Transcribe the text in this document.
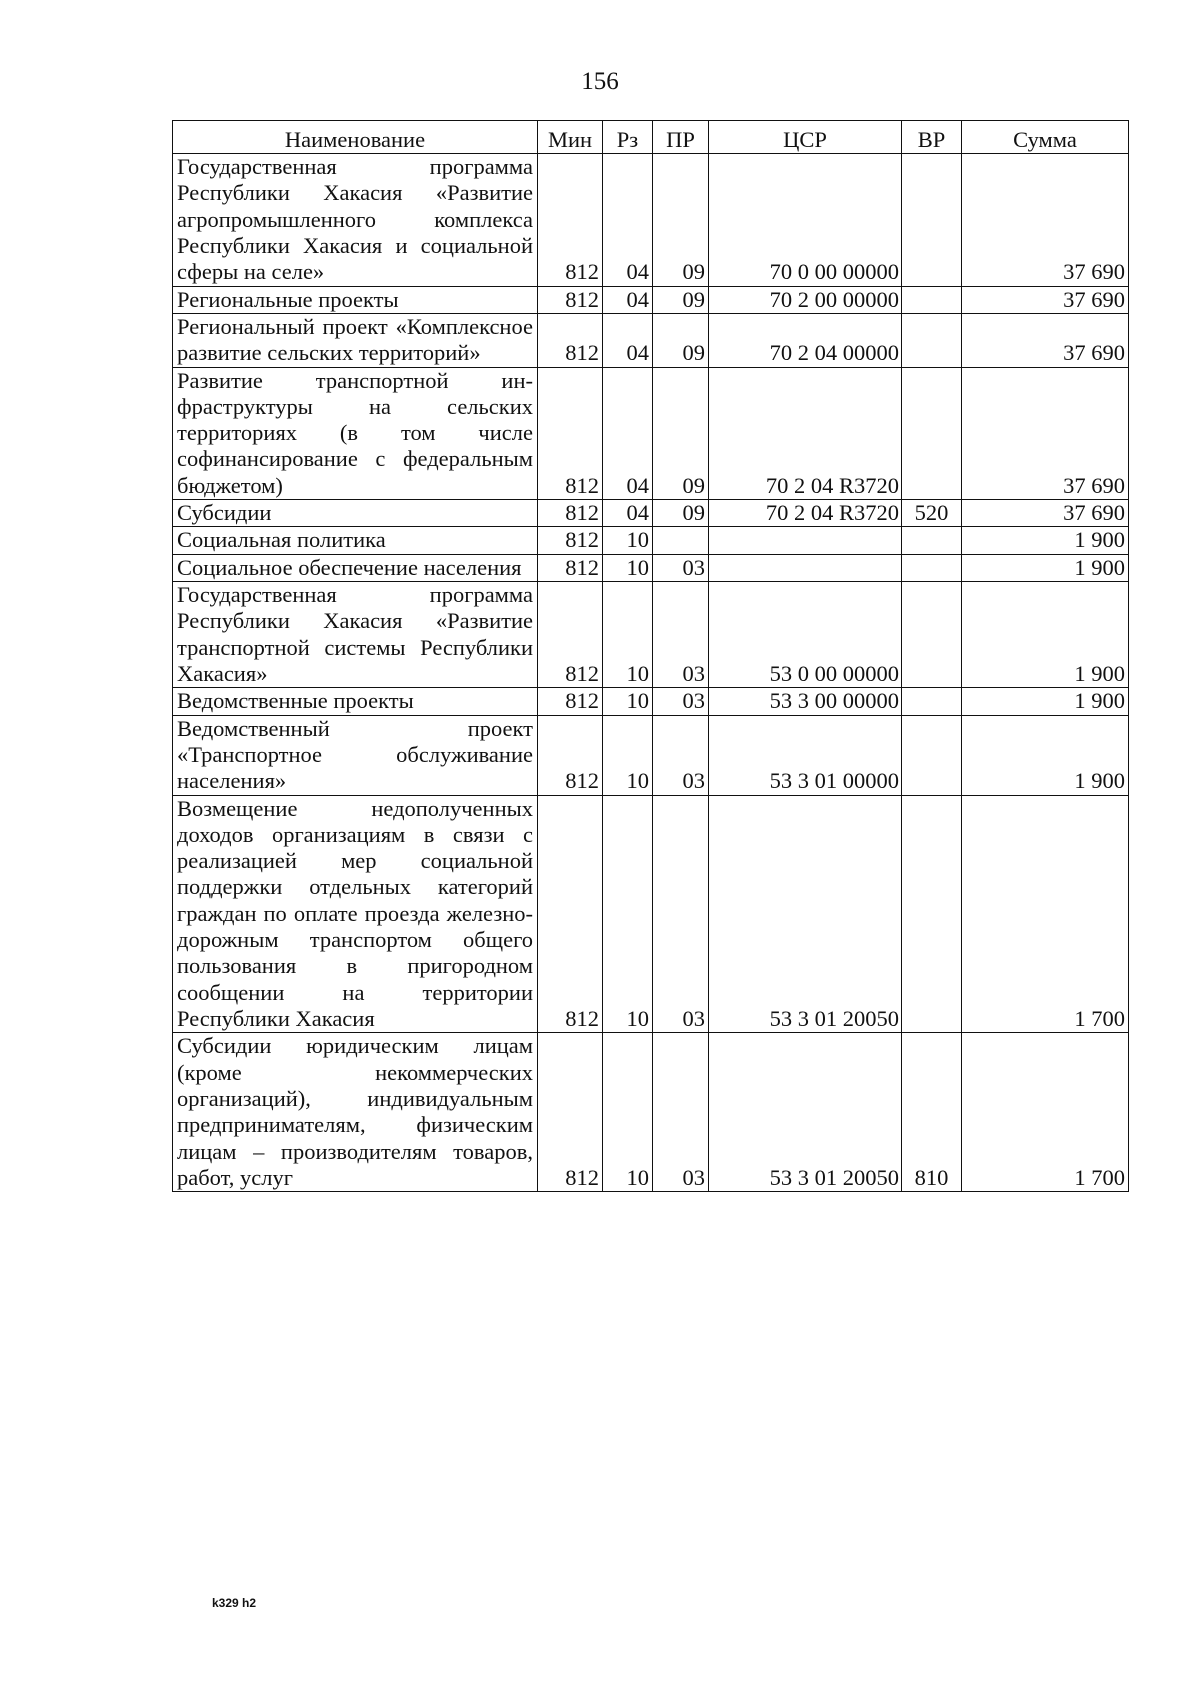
156
Наименование	Мин	Рз	ПР	ЦСР	ВР	Сумма
Государственная программа Республики Хакасия «Развитие агропромышленного комплекса Республики Хакасия и социальной сферы на селе»	812	04	09	70 0 00 00000		37 690
Региональные проекты	812	04	09	70 2 00 00000		37 690
Региональный проект «Комплексное развитие сельских территорий»	812	04	09	70 2 04 00000		37 690
Развитие транспортной инфраструктуры на сельских территориях (в том числе софинансирование с федеральным бюджетом)	812	04	09	70 2 04 R3720		37 690
Субсидии	812	04	09	70 2 04 R3720	520	37 690
Социальная политика	812	10				1 900
Социальное обеспечение населения	812	10	03			1 900
Государственная программа Республики Хакасия «Развитие транспортной системы Республики Хакасия»	812	10	03	53 0 00 00000		1 900
Ведомственные проекты	812	10	03	53 3 00 00000		1 900
Ведомственный проект «Транспортное обслуживание населения»	812	10	03	53 3 01 00000		1 900
Возмещение недополученных доходов организациям в связи с реализацией мер социальной поддержки отдельных категорий граждан по оплате проезда железнодорожным транспортом общего пользования в пригородном сообщении на территории Республики Хакасия	812	10	03	53 3 01 20050		1 700
Субсидии юридическим лицам (кроме некоммерческих организаций), индивидуальным предпринимателям, физическим лицам – производителям товаров, работ, услуг	812	10	03	53 3 01 20050	810	1 700
k329 h2
